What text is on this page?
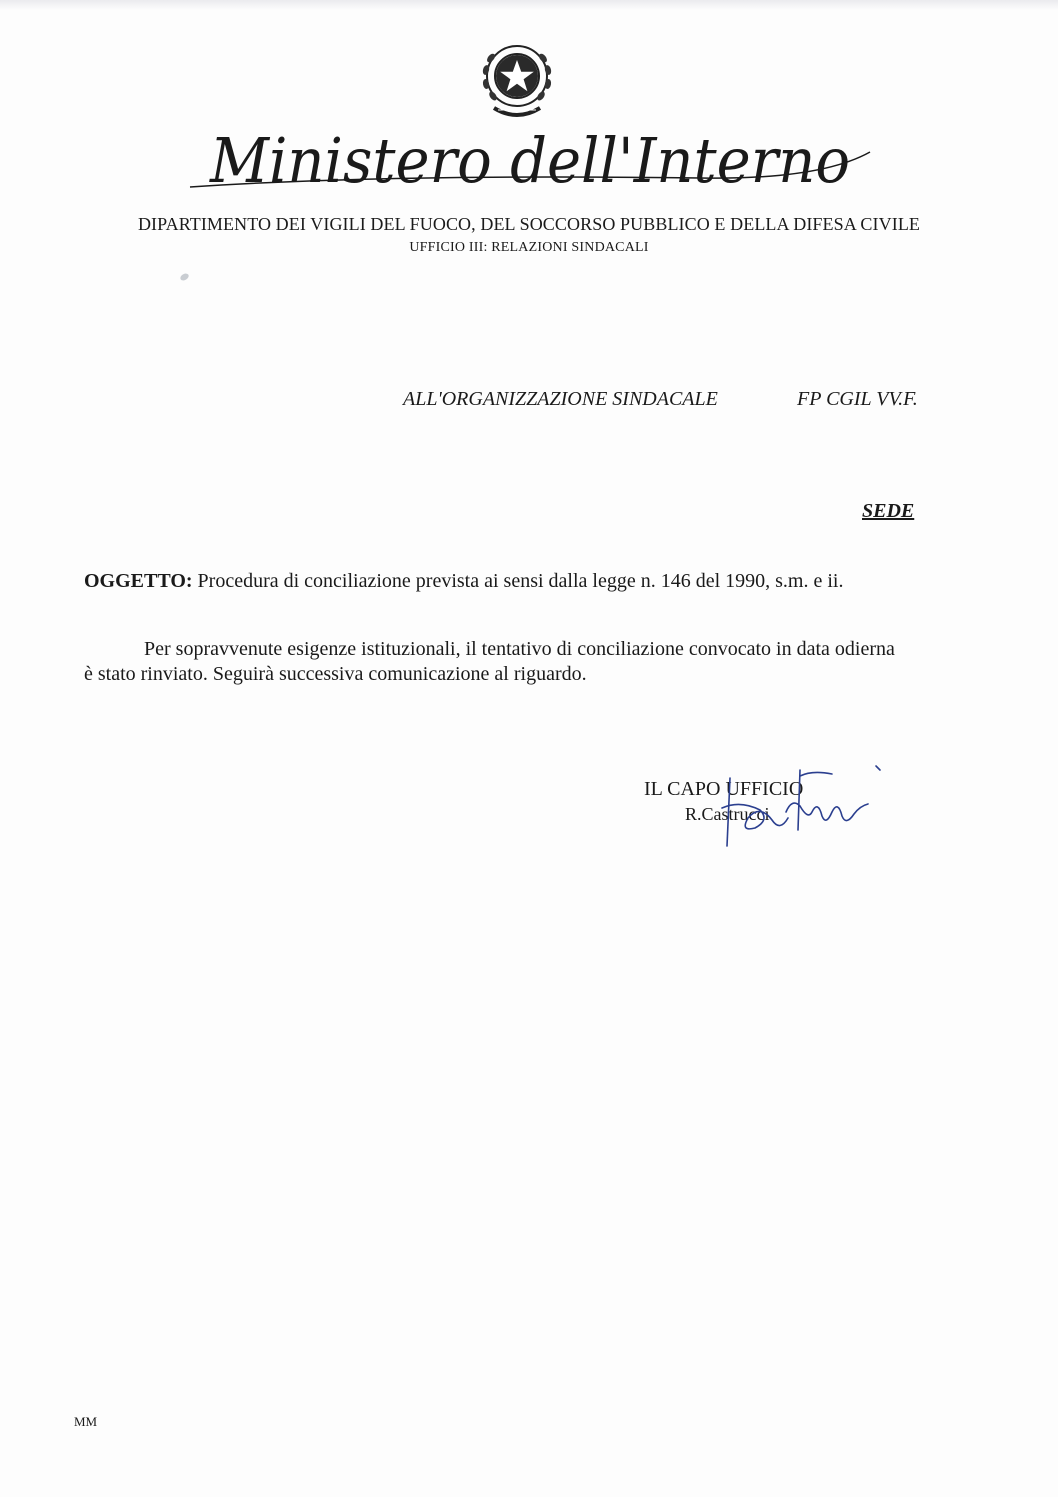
Ministero dell'Interno
DIPARTIMENTO DEI VIGILI DEL FUOCO, DEL SOCCORSO PUBBLICO E DELLA DIFESA CIVILE
UFFICIO III: RELAZIONI SINDACALI
ALL'ORGANIZZAZIONE SINDACALE	FP CGIL VV.F.
SEDE
OGGETTO: Procedura di conciliazione prevista ai sensi dalla legge n. 146 del 1990, s.m. e ii.
Per sopravvenute esigenze istituzionali, il tentativo di conciliazione convocato in data odierna
è stato rinviato. Seguirà successiva comunicazione al riguardo.
IL CAPO UFFICIO
R.Castrucci
MM
